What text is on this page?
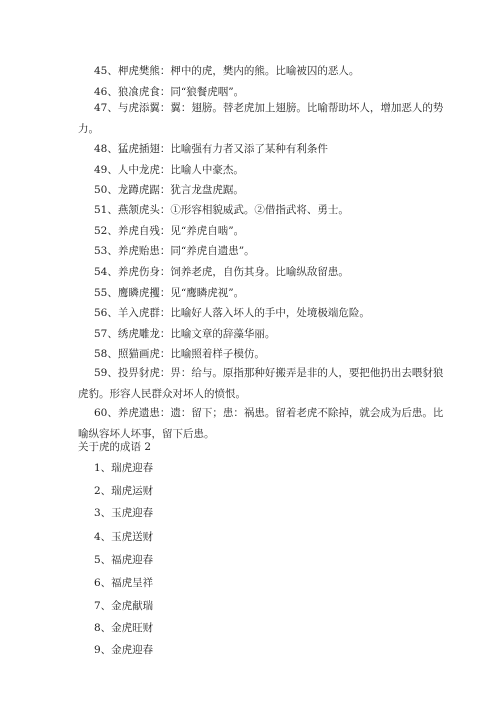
45、柙虎樊熊：柙中的虎，樊内的熊。比喻被囚的恶人。
46、狼飡虎食：同“狼餐虎咽”。
47、与虎添翼：翼：翅膀。替老虎加上翅膀。比喻帮助坏人，增加恶人的势力。
48、猛虎插翅：比喻强有力者又添了某种有利条件
49、人中龙虎：比喻人中豪杰。
50、龙蹲虎踞：犹言龙盘虎踞。
51、燕颔虎头：①形容相貌威武。②借指武将、勇士。
52、养虎自残：见“养虎自啮”。
53、养虎贻患：同“养虎自遗患”。
54、养虎伤身：饲养老虎，自伤其身。比喻纵敌留患。
55、鹰瞵虎攫：见“鹰瞵虎视”。
56、羊入虎群：比喻好人落入坏人的手中，处境极端危险。
57、绣虎雕龙：比喻文章的辞藻华丽。
58、照猫画虎：比喻照着样子模仿。
59、投畀豺虎：畀：给与。原指那种好搬弄是非的人，要把他扔出去喂豺狼虎豹。形容人民群众对坏人的愤恨。
60、养虎遗患：遗：留下；患：祸患。留着老虎不除掉，就会成为后患。比喻纵容坏人坏事，留下后患。
关于虎的成语 2
1、瑞虎迎春
2、瑞虎运财
3、玉虎迎春
4、玉虎送财
5、福虎迎春
6、福虎呈祥
7、金虎献瑞
8、金虎旺财
9、金虎迎春
